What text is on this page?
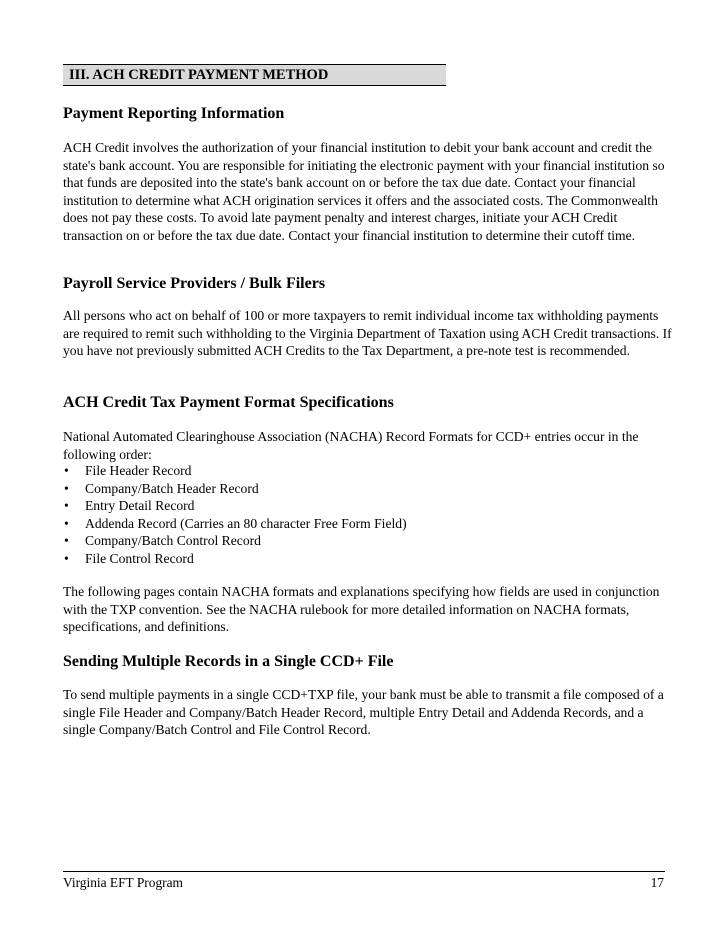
III. ACH CREDIT PAYMENT METHOD
Payment Reporting Information

ACH Credit involves the authorization of your financial institution to debit your bank account and credit the state's bank account. You are responsible for initiating the electronic payment with your financial institution so that funds are deposited into the state's bank account on or before the tax due date. Contact your financial institution to determine what ACH origination services it offers and the associated costs. The Commonwealth does not pay these costs. To avoid late payment penalty and interest charges, initiate your ACH Credit transaction on or before the tax due date. Contact your financial institution to determine their cutoff time.

Payroll Service Providers / Bulk Filers

All persons who act on behalf of 100 or more taxpayers to remit individual income tax withholding payments are required to remit such withholding to the Virginia Department of Taxation using ACH Credit transactions. If you have not previously submitted ACH Credits to the Tax Department, a pre-note test is recommended.

ACH Credit Tax Payment Format Specifications

National Automated Clearinghouse Association (NACHA) Record Formats for CCD+ entries occur in the following order:

• File Header Record
• Company/Batch Header Record
• Entry Detail Record
• Addenda Record (Carries an 80 character Free Form Field)
• Company/Batch Control Record
• File Control Record

The following pages contain NACHA formats and explanations specifying how fields are used in conjunction with the TXP convention. See the NACHA rulebook for more detailed information on NACHA formats, specifications, and definitions.

Sending Multiple Records in a Single CCD+ File

To send multiple payments in a single CCD+TXP file, your bank must be able to transmit a file composed of a single File Header and Company/Batch Header Record, multiple Entry Detail and Addenda Records, and a single Company/Batch Control and File Control Record.

Virginia EFT Program	17
